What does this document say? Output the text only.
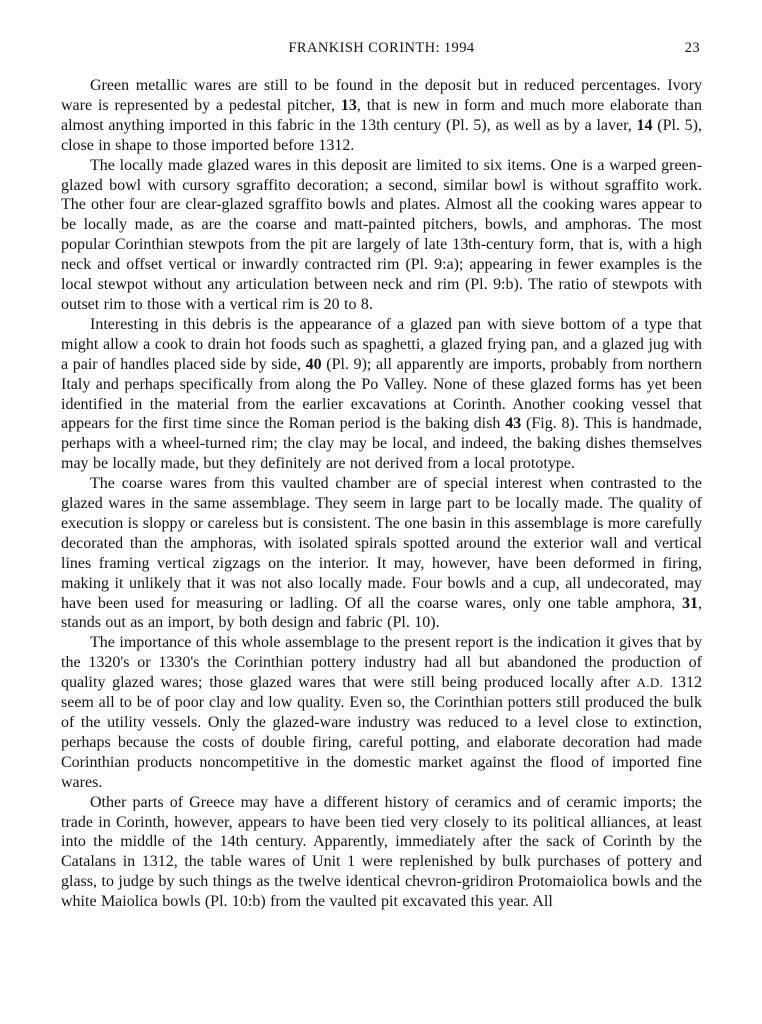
FRANKISH CORINTH: 1994	23

Green metallic wares are still to be found in the deposit but in reduced percentages. Ivory ware is represented by a pedestal pitcher, 13, that is new in form and much more elaborate than almost anything imported in this fabric in the 13th century (Pl. 5), as well as by a laver, 14 (Pl. 5), close in shape to those imported before 1312.

The locally made glazed wares in this deposit are limited to six items. One is a warped green-glazed bowl with cursory sgraffito decoration; a second, similar bowl is without sgraffito work. The other four are clear-glazed sgraffito bowls and plates. Almost all the cooking wares appear to be locally made, as are the coarse and matt-painted pitchers, bowls, and amphoras. The most popular Corinthian stewpots from the pit are largely of late 13th-century form, that is, with a high neck and offset vertical or inwardly contracted rim (Pl. 9:a); appearing in fewer examples is the local stewpot without any articulation between neck and rim (Pl. 9:b). The ratio of stewpots with outset rim to those with a vertical rim is 20 to 8.

Interesting in this debris is the appearance of a glazed pan with sieve bottom of a type that might allow a cook to drain hot foods such as spaghetti, a glazed frying pan, and a glazed jug with a pair of handles placed side by side, 40 (Pl. 9); all apparently are imports, probably from northern Italy and perhaps specifically from along the Po Valley. None of these glazed forms has yet been identified in the material from the earlier excavations at Corinth. Another cooking vessel that appears for the first time since the Roman period is the baking dish 43 (Fig. 8). This is handmade, perhaps with a wheel-turned rim; the clay may be local, and indeed, the baking dishes themselves may be locally made, but they definitely are not derived from a local prototype.

The coarse wares from this vaulted chamber are of special interest when contrasted to the glazed wares in the same assemblage. They seem in large part to be locally made. The quality of execution is sloppy or careless but is consistent. The one basin in this assemblage is more carefully decorated than the amphoras, with isolated spirals spotted around the exterior wall and vertical lines framing vertical zigzags on the interior. It may, however, have been deformed in firing, making it unlikely that it was not also locally made. Four bowls and a cup, all undecorated, may have been used for measuring or ladling. Of all the coarse wares, only one table amphora, 31, stands out as an import, by both design and fabric (Pl. 10).

The importance of this whole assemblage to the present report is the indication it gives that by the 1320's or 1330's the Corinthian pottery industry had all but abandoned the production of quality glazed wares; those glazed wares that were still being produced locally after A.D. 1312 seem all to be of poor clay and low quality. Even so, the Corinthian potters still produced the bulk of the utility vessels. Only the glazed-ware industry was reduced to a level close to extinction, perhaps because the costs of double firing, careful potting, and elaborate decoration had made Corinthian products noncompetitive in the domestic market against the flood of imported fine wares.

Other parts of Greece may have a different history of ceramics and of ceramic imports; the trade in Corinth, however, appears to have been tied very closely to its political alliances, at least into the middle of the 14th century. Apparently, immediately after the sack of Corinth by the Catalans in 1312, the table wares of Unit 1 were replenished by bulk purchases of pottery and glass, to judge by such things as the twelve identical chevron-gridiron Protomaiolica bowls and the white Maiolica bowls (Pl. 10:b) from the vaulted pit excavated this year. All
